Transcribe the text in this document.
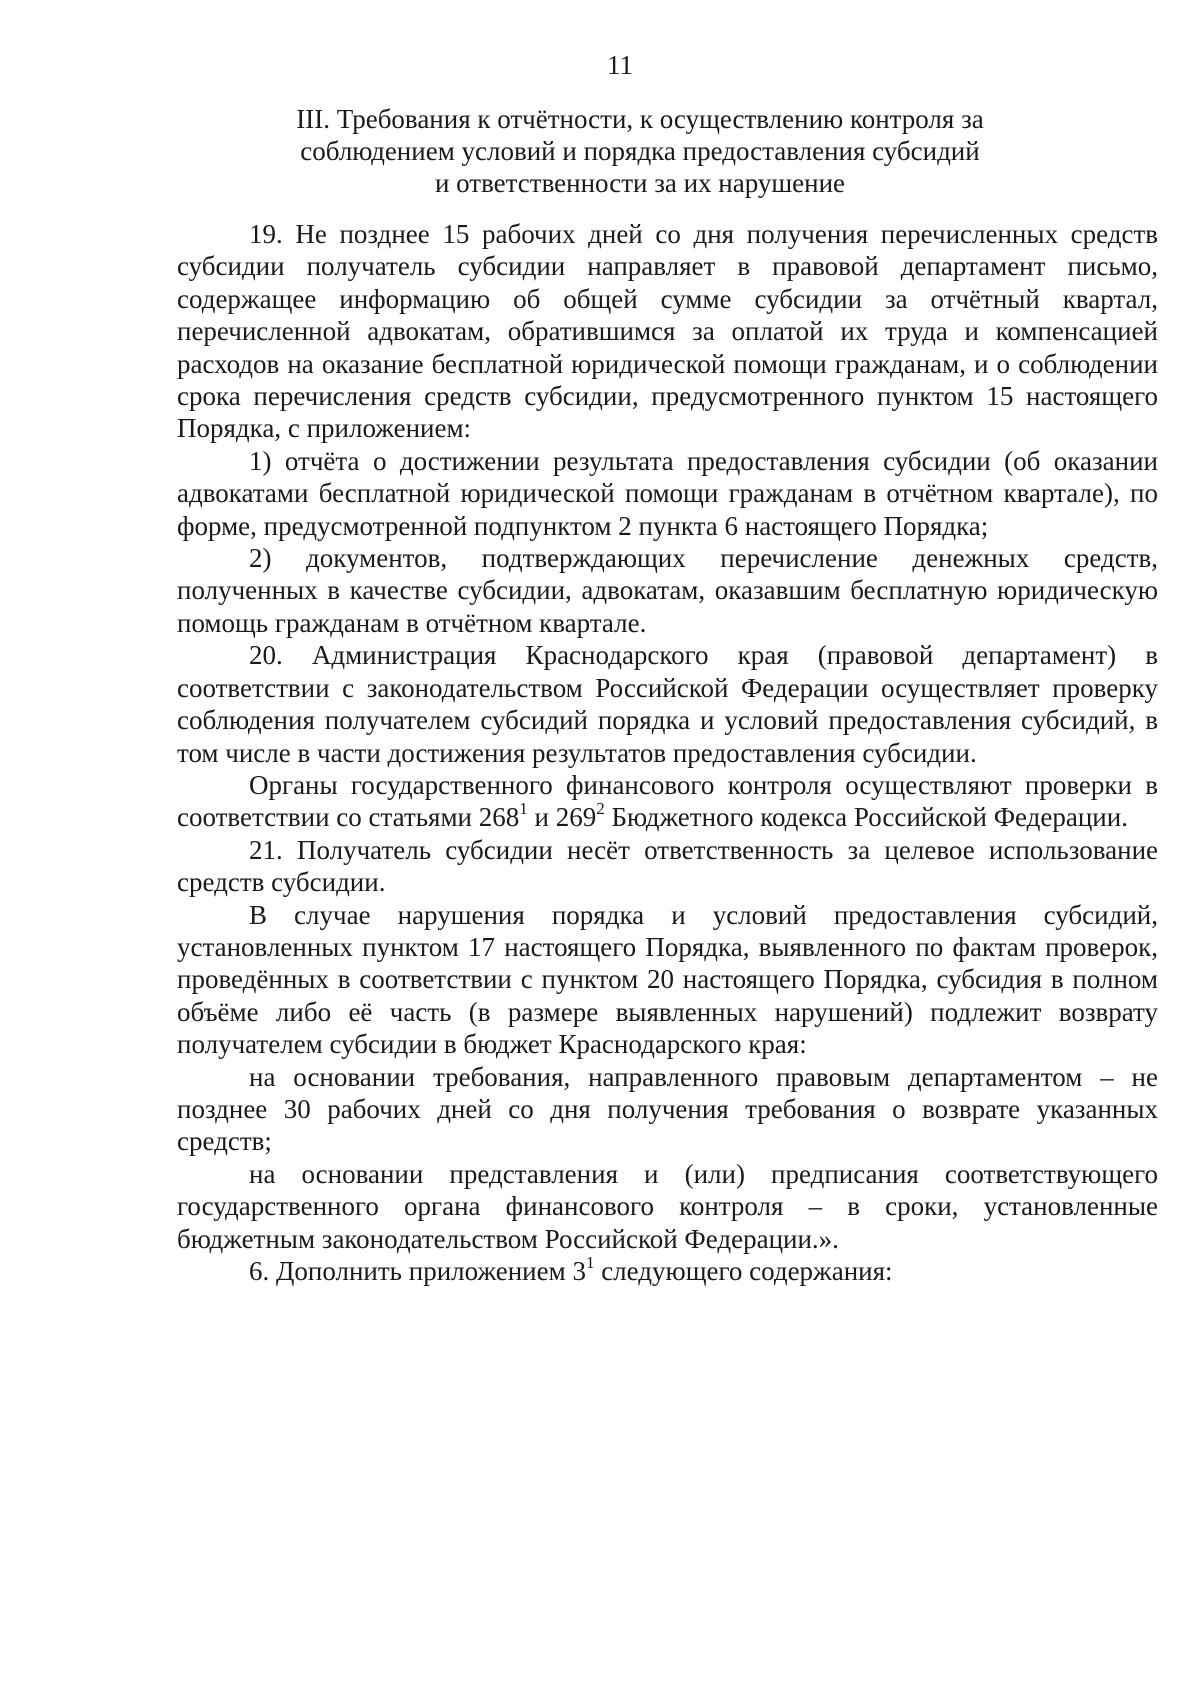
11
III. Требования к отчётности, к осуществлению контроля за
соблюдением условий и порядка предоставления субсидий
и ответственности за их нарушение

19. Не позднее 15 рабочих дней со дня получения перечисленных средств субсидии получатель субсидии направляет в правовой департамент письмо, содержащее информацию об общей сумме субсидии за отчётный квартал, перечисленной адвокатам, обратившимся за оплатой их труда и компенсацией расходов на оказание бесплатной юридической помощи гражданам, и о соблюдении срока перечисления средств субсидии, предусмотренного пунктом 15 настоящего Порядка, с приложением:

1) отчёта о достижении результата предоставления субсидии (об оказании адвокатами бесплатной юридической помощи гражданам в отчётном квартале), по форме, предусмотренной подпунктом 2 пункта 6 настоящего Порядка;

2) документов, подтверждающих перечисление денежных средств, полученных в качестве субсидии, адвокатам, оказавшим бесплатную юридическую помощь гражданам в отчётном квартале.

20. Администрация Краснодарского края (правовой департамент) в соответствии с законодательством Российской Федерации осуществляет проверку соблюдения получателем субсидий порядка и условий предоставления субсидий, в том числе в части достижения результатов предоставления субсидии.

Органы государственного финансового контроля осуществляют проверки в соответствии со статьями $268^1$ и $269^2$ Бюджетного кодекса Российской Федерации.

21. Получатель субсидии несёт ответственность за целевое использование средств субсидии.

В случае нарушения порядка и условий предоставления субсидий, установленных пунктом 17 настоящего Порядка, выявленного по фактам проверок, проведённых в соответствии с пунктом 20 настоящего Порядка, субсидия в полном объёме либо её часть (в размере выявленных нарушений) подлежит возврату получателем субсидии в бюджет Краснодарского края:

на основании требования, направленного правовым департаментом – не позднее 30 рабочих дней со дня получения требования о возврате указанных средств;

на основании представления и (или) предписания соответствующего государственного органа финансового контроля – в сроки, установленные бюджетным законодательством Российской Федерации.».

6. Дополнить приложением $3^1$ следующего содержания:
